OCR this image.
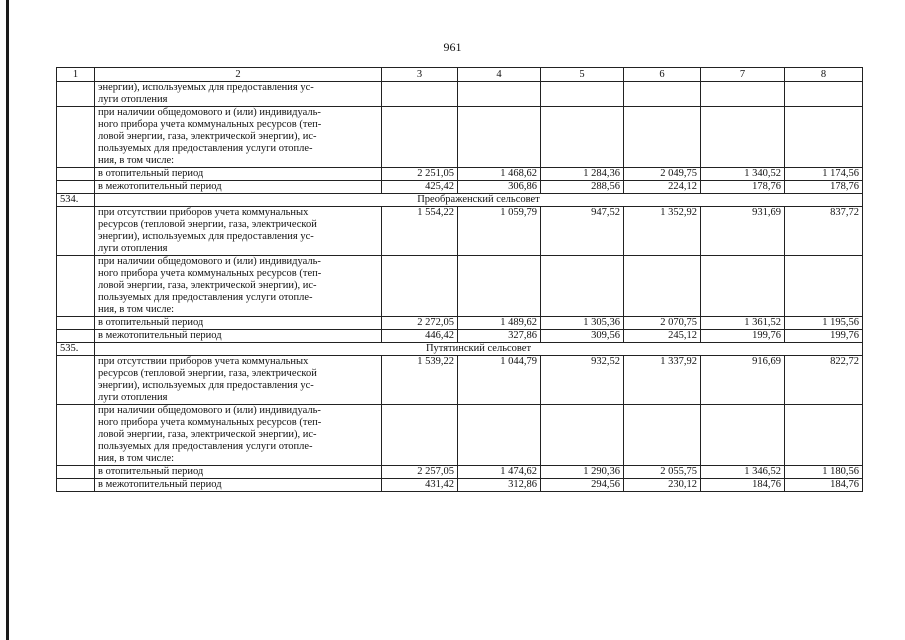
961
1	2	3	4	5	6	7	8
	энергии), используемых для предоставления ус-
луги отопления						
	при наличии общедомового и (или) индивидуаль-
ного прибора учета коммунальных ресурсов (теп-
ловой энергии, газа, электрической энергии), ис-
пользуемых для предоставления услуги отопле-
ния, в том числе:						
	в отопительный период	2 251,05	1 468,62	1 284,36	2 049,75	1 340,52	1 174,56
	в межотопительный период	425,42	306,86	288,56	224,12	178,76	178,76
534.	Преображенский сельсовет						
	при отсутствии приборов учета коммунальных
ресурсов (тепловой энергии, газа, электрической
энергии), используемых для предоставления ус-
луги отопления	1 554,22	1 059,79	947,52	1 352,92	931,69	837,72
	при наличии общедомового и (или) индивидуаль-
ного прибора учета коммунальных ресурсов (теп-
ловой энергии, газа, электрической энергии), ис-
пользуемых для предоставления услуги отопле-
ния, в том числе:						
	в отопительный период	2 272,05	1 489,62	1 305,36	2 070,75	1 361,52	1 195,56
	в межотопительный период	446,42	327,86	309,56	245,12	199,76	199,76
535.	Путятинский сельсовет						
	при отсутствии приборов учета коммунальных
ресурсов (тепловой энергии, газа, электрической
энергии), используемых для предоставления ус-
луги отопления	1 539,22	1 044,79	932,52	1 337,92	916,69	822,72
	при наличии общедомового и (или) индивидуаль-
ного прибора учета коммунальных ресурсов (теп-
ловой энергии, газа, электрической энергии), ис-
пользуемых для предоставления услуги отопле-
ния, в том числе:						
	в отопительный период	2 257,05	1 474,62	1 290,36	2 055,75	1 346,52	1 180,56
	в межотопительный период	431,42	312,86	294,56	230,12	184,76	184,76
